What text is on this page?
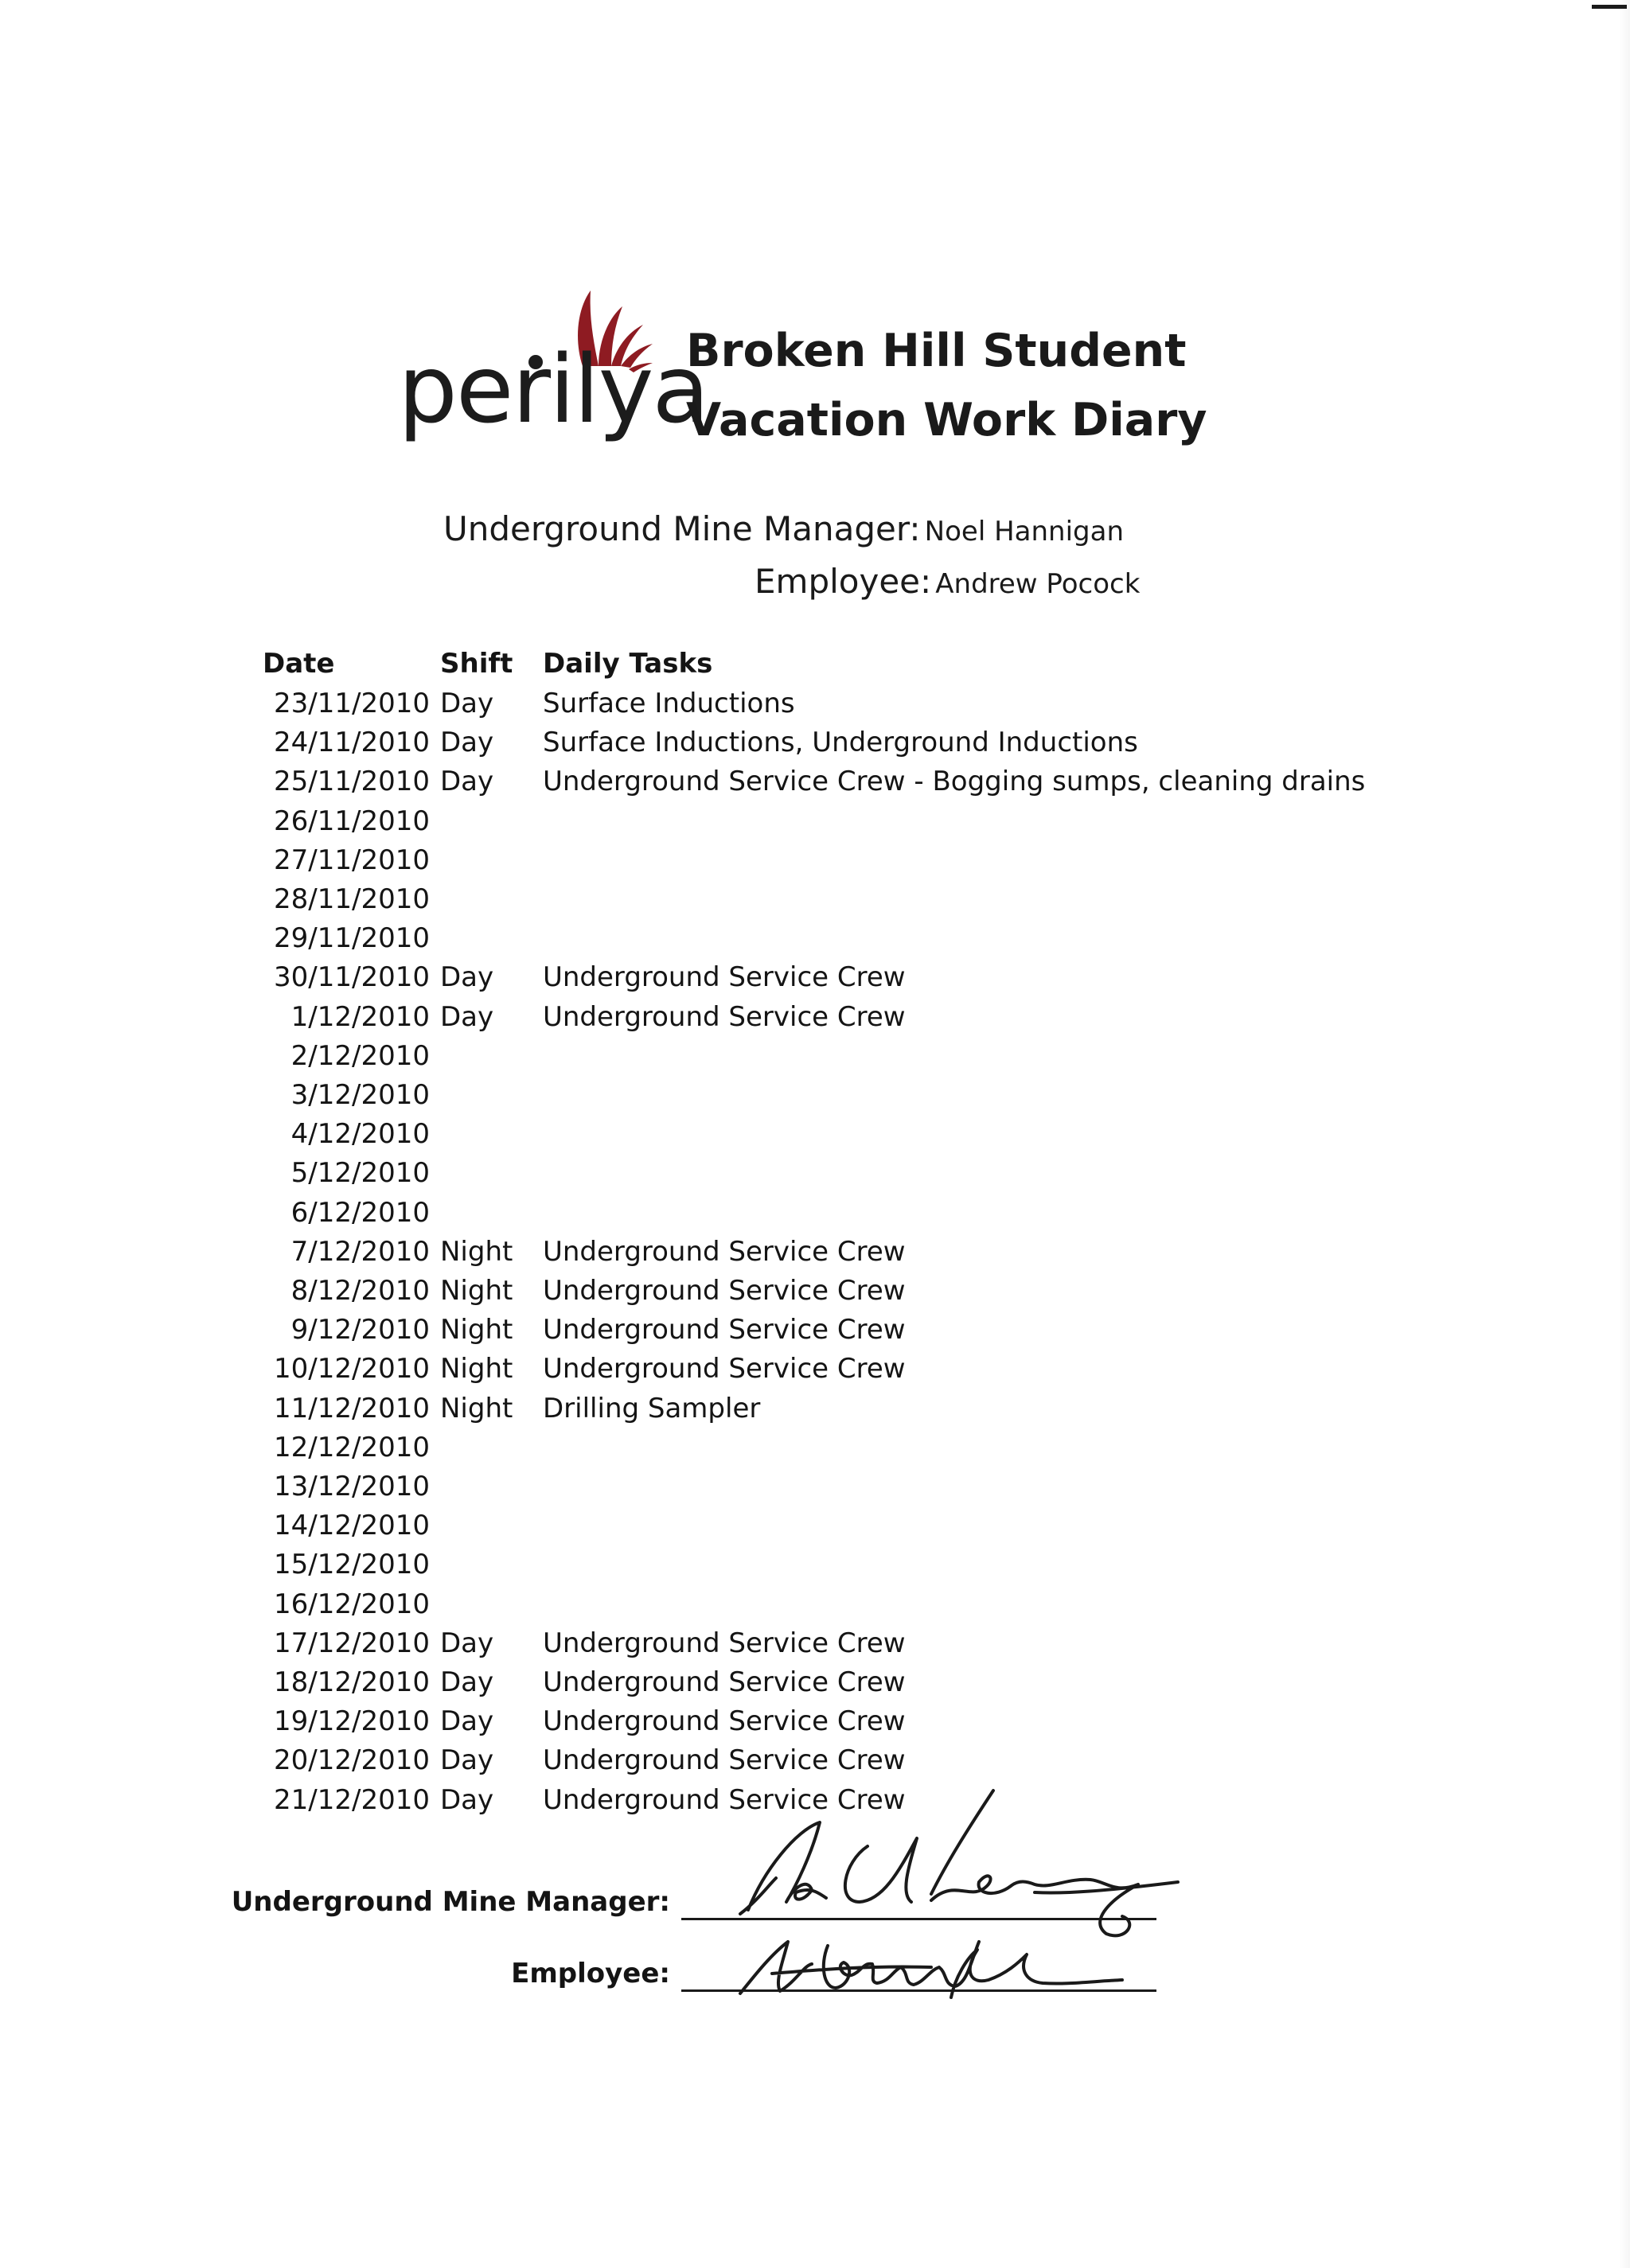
perilya
Broken Hill Student
Vacation Work Diary
Underground Mine Manager: Noel Hannigan
Employee: Andrew Pocock
Date	Shift Daily Tasks
23/11/2010 Day Surface Inductions
24/11/2010 Day Surface Inductions, Underground Inductions
25/11/2010 Day Underground Service Crew - Bogging sumps, cleaning drains
26/11/2010
27/11/2010
28/11/2010
29/11/2010
30/11/2010 Day Underground Service Crew
1/12/2010 Day Underground Service Crew
2/12/2010
3/12/2010
4/12/2010
5/12/2010
6/12/2010
7/12/2010 Night Underground Service Crew
8/12/2010 Night Underground Service Crew
9/12/2010 Night Underground Service Crew
10/12/2010 Night Underground Service Crew
11/12/2010 Night Drilling Sampler
12/12/2010
13/12/2010
14/12/2010
15/12/2010
16/12/2010
17/12/2010 Day Underground Service Crew
18/12/2010 Day Underground Service Crew
19/12/2010 Day Underground Service Crew
20/12/2010 Day Underground Service Crew
21/12/2010 Day Underground Service Crew
Underground Mine Manager:
Employee:
